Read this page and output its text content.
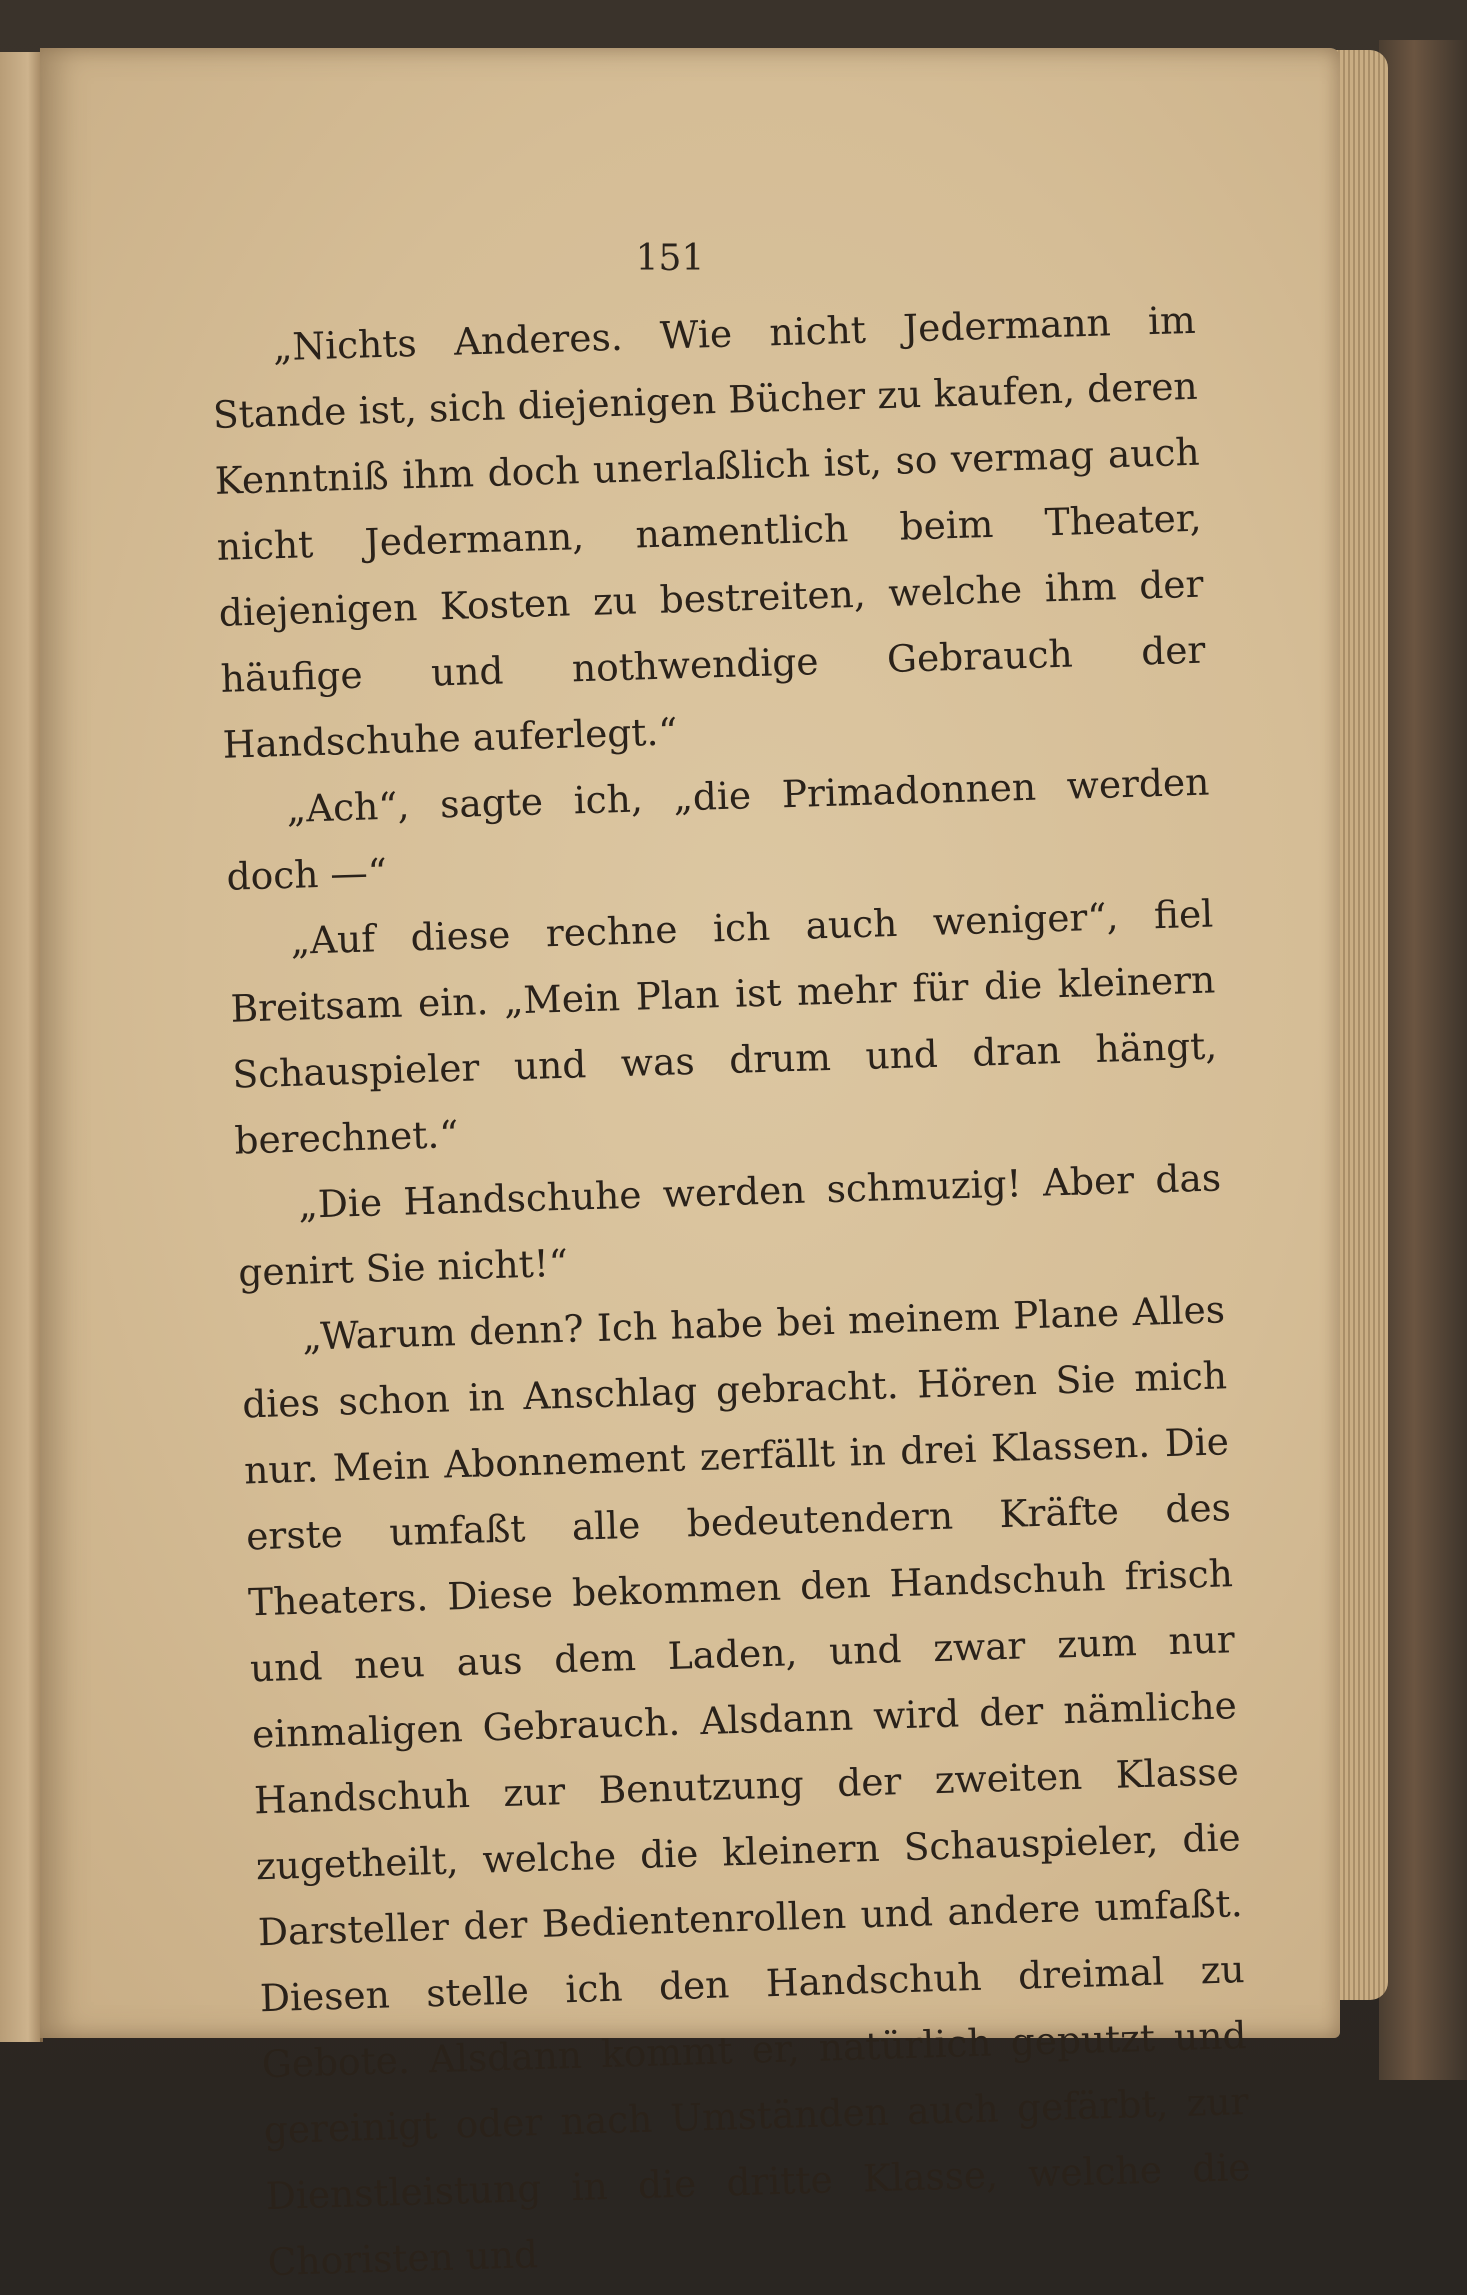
151

„Nichts Anderes. Wie nicht Jedermann im Stande ist, sich diejenigen Bücher zu kaufen, deren Kenntniß ihm doch unerlaßlich ist, so vermag auch nicht Jedermann, namentlich beim Theater, diejenigen Kosten zu bestreiten, welche ihm der häufige und nothwendige Gebrauch der Handschuhe auferlegt.“

„Ach“, sagte ich, „die Primadonnen werden doch —“

„Auf diese rechne ich auch weniger“, fiel Breitsam ein. „Mein Plan ist mehr für die kleinern Schauspieler und was drum und dran hängt, berechnet.“

„Die Handschuhe werden schmuzig! Aber das genirt Sie nicht!“

„Warum denn? Ich habe bei meinem Plane Alles dies schon in Anschlag gebracht. Hören Sie mich nur. Mein Abonnement zerfällt in drei Klassen. Die erste umfaßt alle bedeutendern Kräfte des Theaters. Diese bekommen den Handschuh frisch und neu aus dem Laden, und zwar zum nur einmaligen Gebrauch. Alsdann wird der nämliche Handschuh zur Benutzung der zweiten Klasse zugetheilt, welche die kleinern Schauspieler, die Darsteller der Bedientenrollen und andere umfaßt. Diesen stelle ich den Handschuh dreimal zu Gebote. Alsdann kommt er, natürlich geputzt und gereinigt oder nach Umständen auch gefärbt, zur Dienstleistung in die dritte Klasse, welche die Choristen und
